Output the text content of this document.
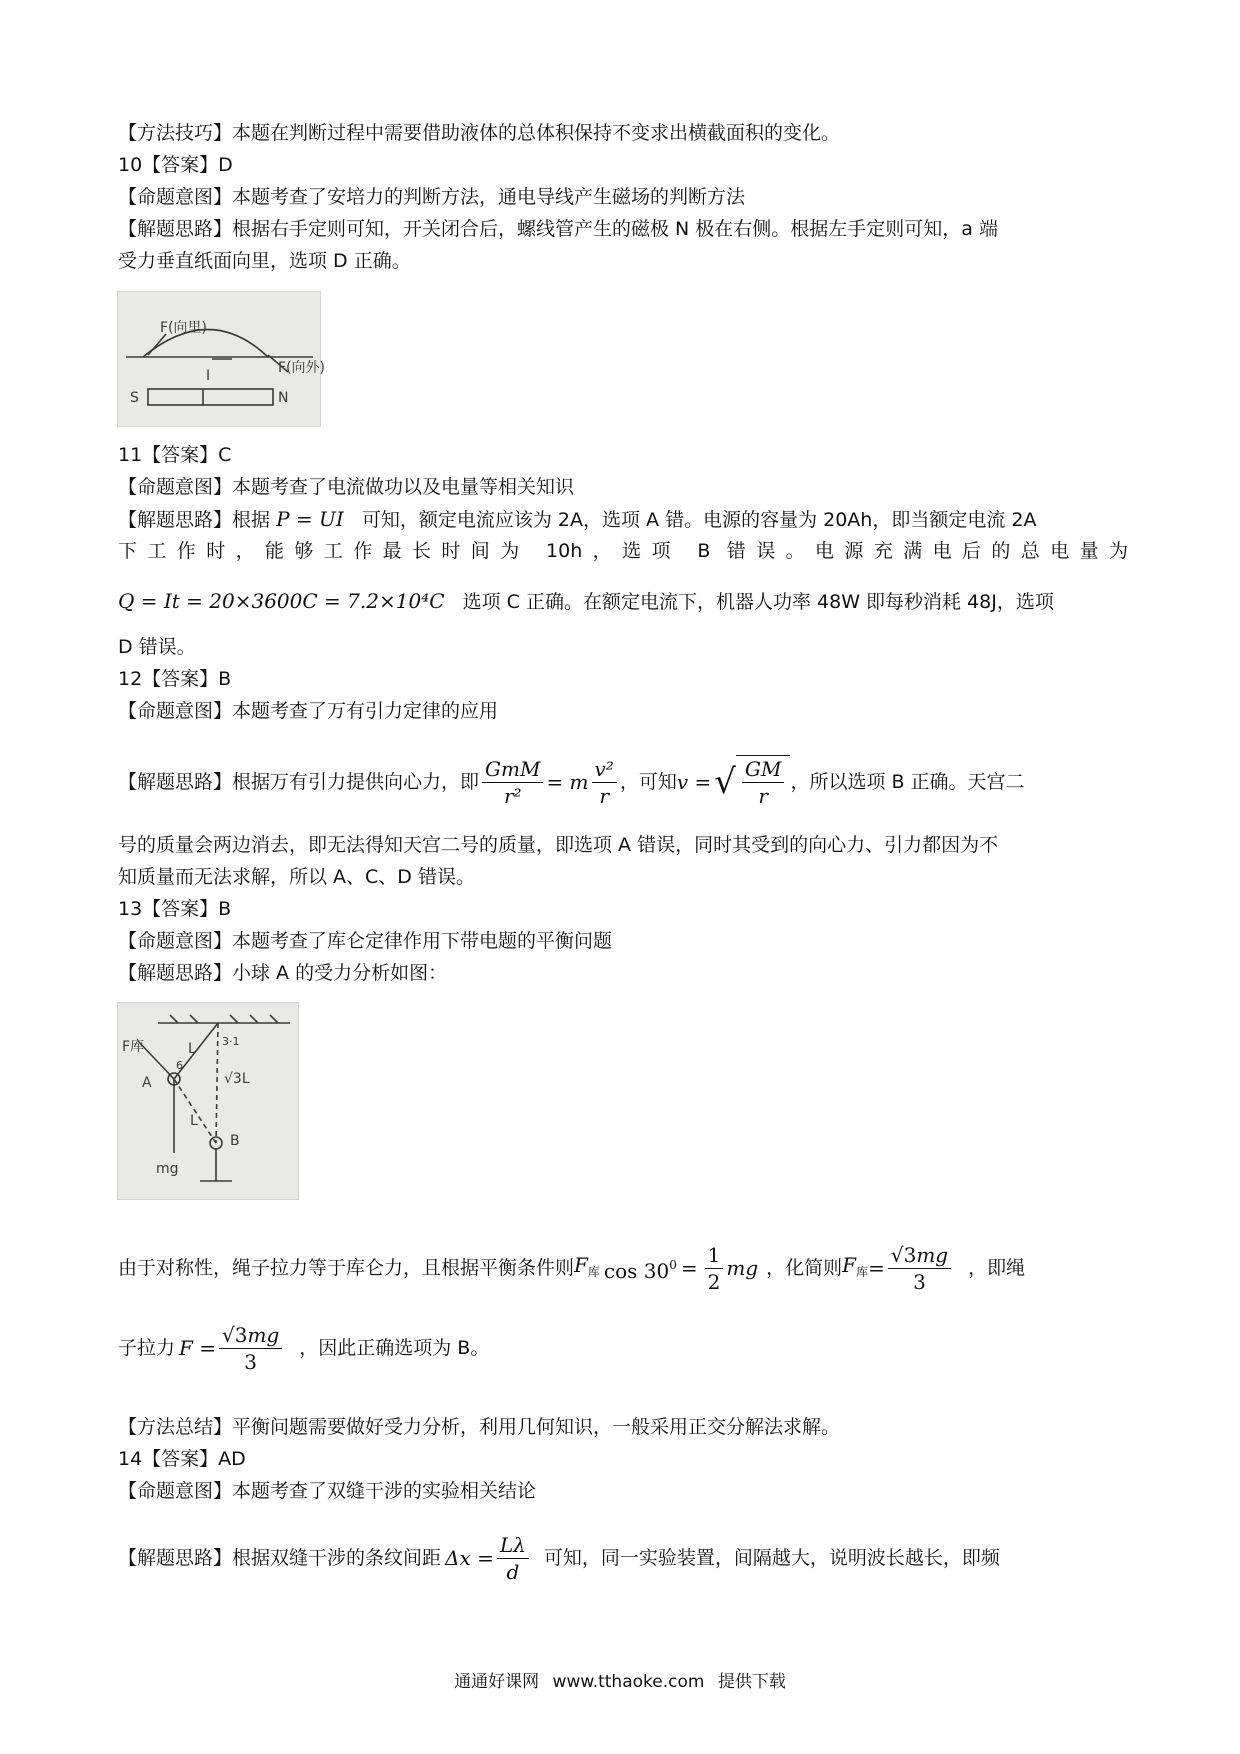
【方法技巧】本题在判断过程中需要借助液体的总体积保持不变求出横截面积的变化。
10【答案】D
【命题意图】本题考查了安培力的判断方法，通电导线产生磁场的判断方法
【解题思路】根据右手定则可知，开关闭合后，螺线管产生的磁极 N 极在右侧。根据左手定则可知，a 端
受力垂直纸面向里，选项 D 正确。
F(向里)
F(向外)
I
S	N
11【答案】C
【命题意图】本题考查了电流做功以及电量等相关知识
【解题思路】根据 P = UI 可知，额定电流应该为 2A，选项 A 错。电源的容量为 20Ah，即当额定电流 2A
下工作时，能够工作最长时间为 10h，选项 B 错误。电源充满电后的总电量为
Q = It = 20×3600C = 7.2×10⁴C 选项 C 正确。在额定电流下，机器人功率 48W 即每秒消耗 48J，选项
D 错误。
12【答案】B
【命题意图】本题考查了万有引力定律的应用
【解题思路】根据万有引力提供向心力，即 $\frac{\text{GmM}}{\text{r²}} = m \frac{\text{v²}}{r}$ ，可知 v = √ $\frac{GM}{r}$ ，所以选项 B 正确。天宫二
号的质量会两边消去，即无法得知天宫二号的质量，即选项 A 错误，同时其受到的向心力、引力都因为不
知质量而无法求解，所以 A、C、D 错误。
13【答案】B
【命题意图】本题考查了库仑定律作用下带电题的平衡问题
【解题思路】小球 A 的受力分析如图：
F库
A
B
L
L
√3L
mg
6
3·1
由于对称性，绳子拉力等于库仑力，且根据平衡条件则 $F_库$ $\cos 30^0 = \frac{1}{2}$ mg ，化简则 $F_库 = \frac{√3mg}{3}$ ，即绳
子拉力 $F = \frac{√3mg}{3}$ ，因此正确选项为 B。
【方法总结】平衡问题需要做好受力分析，利用几何知识，一般采用正交分解法求解。
14【答案】AD
【命题意图】本题考查了双缝干涉的实验相关结论
【解题思路】根据双缝干涉的条纹间距 $\Delta x = \frac{L\lambda}{d}$ 可知，同一实验装置，间隔越大，说明波长越长，即频
通通好课网 www.tthaoke.com 提供下载
